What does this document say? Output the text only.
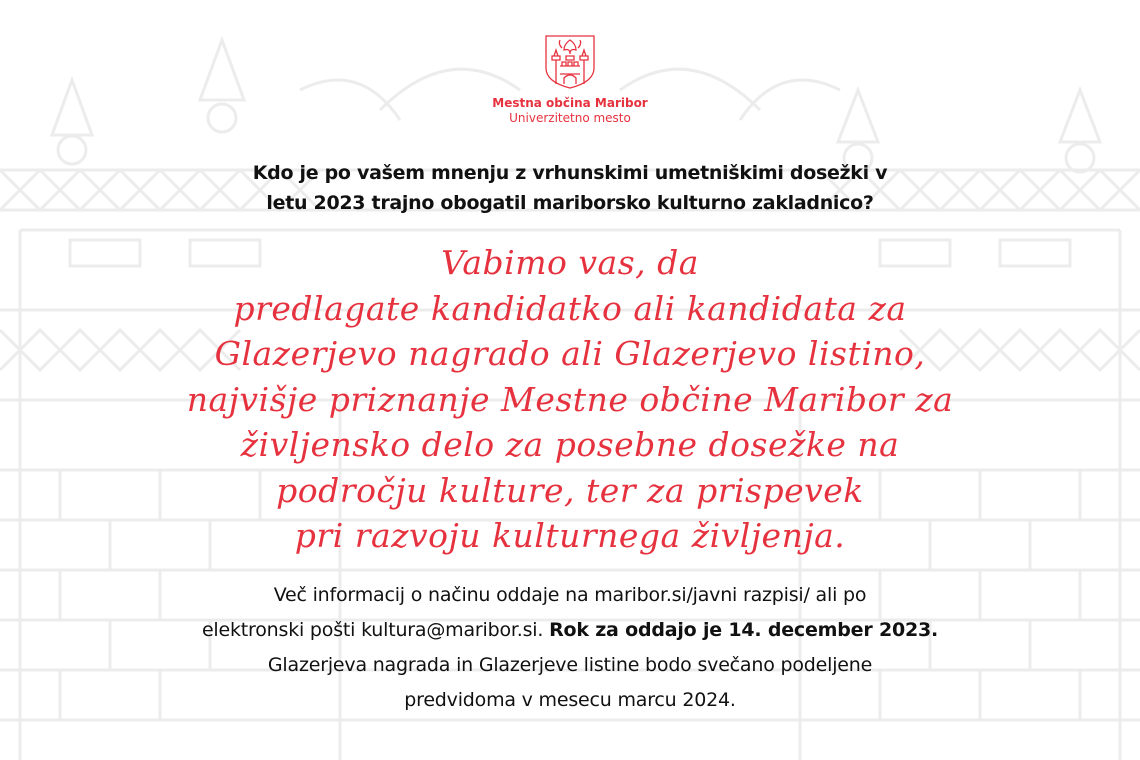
Mestna občina Maribor
Univerzitetno mesto
Kdo je po vašem mnenju z vrhunskimi umetniškimi dosežki v
letu 2023 trajno obogatil mariborsko kulturno zakladnico?
Vabimo vas, da
predlagate kandidatko ali kandidata za
Glazerjevo nagrado ali Glazerjevo listino,
najvišje priznanje Mestne občine Maribor za
življensko delo za posebne dosežke na
področju kulture, ter za prispevek
pri razvoju kulturnega življenja.
Več informacij o načinu oddaje na maribor.si/javni razpisi/ ali po
elektronski pošti kultura@maribor.si. Rok za oddajo je 14. december 2023.
Glazerjeva nagrada in Glazerjeve listine bodo svečano podeljene
predvidoma v mesecu marcu 2024.
